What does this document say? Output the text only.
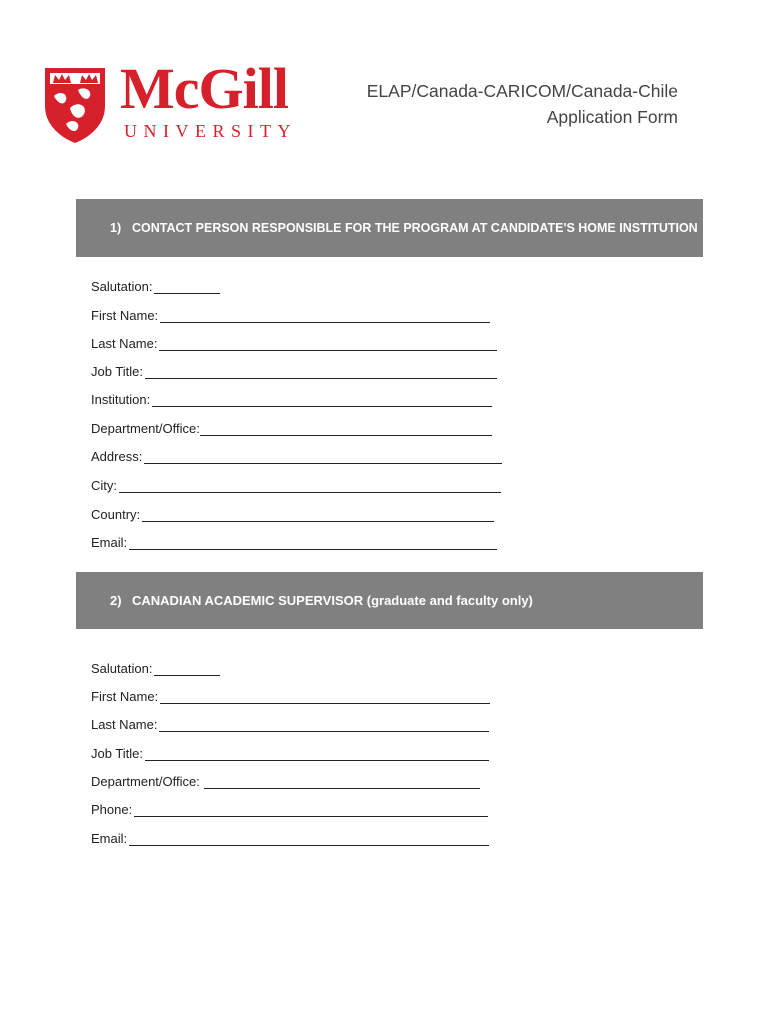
McGill
UNIVERSITY
ELAP/Canada-CARICOM/Canada-Chile
Application Form
1) CONTACT PERSON RESPONSIBLE FOR THE PROGRAM AT CANDIDATE'S HOME INSTITUTION
Salutation:
First Name:
Last Name:
Job Title:
Institution:
Department/Office:
Address:
City:
Country:
Email:
2) CANADIAN ACADEMIC SUPERVISOR (graduate and faculty only)
Salutation:
First Name:
Last Name:
Job Title:
Department/Office:
Phone:
Email:
